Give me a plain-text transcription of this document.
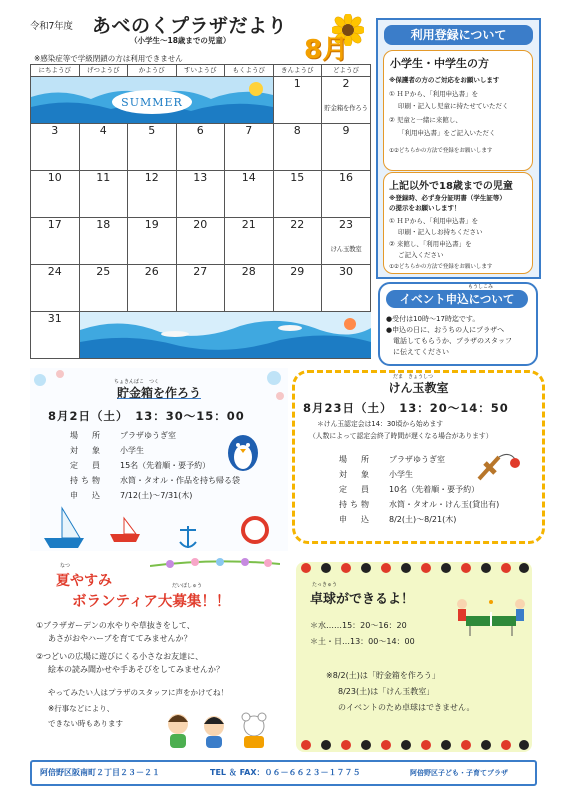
令和7年度 あべのくプラザだより
（小学生〜18歳までの児童）	8月
※感染症等で学級閉鎖の方は利用できません
にちようび	げつようび	かようび	すいようび	もくようび	きんようび	どようび

SUMMER					1	2
貯金箱を作ろう

3	4	5	6	7	8	9

10	11	12	13	14	15	16

17	18	19	20	21	22	23
けん玉教室

24	25	26	27	28	29	30

31

利用登録について
小学生・中学生の方
※保護者の方のご対応をお願いします
① ＨＰから、「利用申込書」を
印刷・記入し児童に持たせていただく
② 児童と一緒に来館し、
「利用申込書」をご記入いただく
①②どちらかの方法で登録をお願いします
上記以外で18歳までの児童
※登録時、必ず身分証明書（学生証等）
の提示をお願いします！
① ＨＰから、「利用申込書」を
印刷・記入しお持ちください
② 来館し、「利用申込書」を
ご記入ください
①②どちらかの方法で登録をお願いします
もうしこみ
イベント申込について
●受付は10時〜17時迄です。
●申込の日に、おうちの人にプラザへ
電話してもらうか、プラザのスタッフ
に伝えてください
ちょきんばこ　つく
貯金箱を作ろう
8月2日（土）　13：30〜15：00
場　所 プラザゆうぎ室
対　象 小学生
定　員 15名（先着順・要予約）
持ち物 水筒・タオル・作品を持ち帰る袋
申　込 7/12(土)〜7/31(木)
だま　きょうしつ
けん玉教室
8月23日（土）　13：20〜14：50
＊けん玉認定会は14：30頃から始めます
（人数によって認定会終了時間が遅くなる場合があります）
場　所 プラザゆうぎ室
対　象 小学生
定　員 10名（先着順・要予約）
持ち物 水筒・タオル・けん玉(貸出有)
申　込 8/2(土)〜8/21(木)
なつ
夏やすみ	だいぼしゅう
ボランティア大募集！！
①プラザガーデンの水やりや草抜きをして、
あさがおやハーブを育ててみませんか？
②つどいの広場に遊びにくる小さなお友達に、
絵本の読み聞かせや手あそびをしてみませんか？
やってみたい人はプラザのスタッフに声をかけてね！
※行事などにより、
できない時もあります
たっきゅう
卓球ができるよ！
＊水……15：20〜16：20
＊土・日…13：00〜14：00
※8/2(土)は「貯金箱を作ろう」
8/23(土)は「けん玉教室」
のイベントのため卓球はできません。
阿倍野区阪南町２丁目２３－２１	TEL ＆ FAX：０６－６６２３－１７７５	阿倍野区子ども・子育てプラザ
